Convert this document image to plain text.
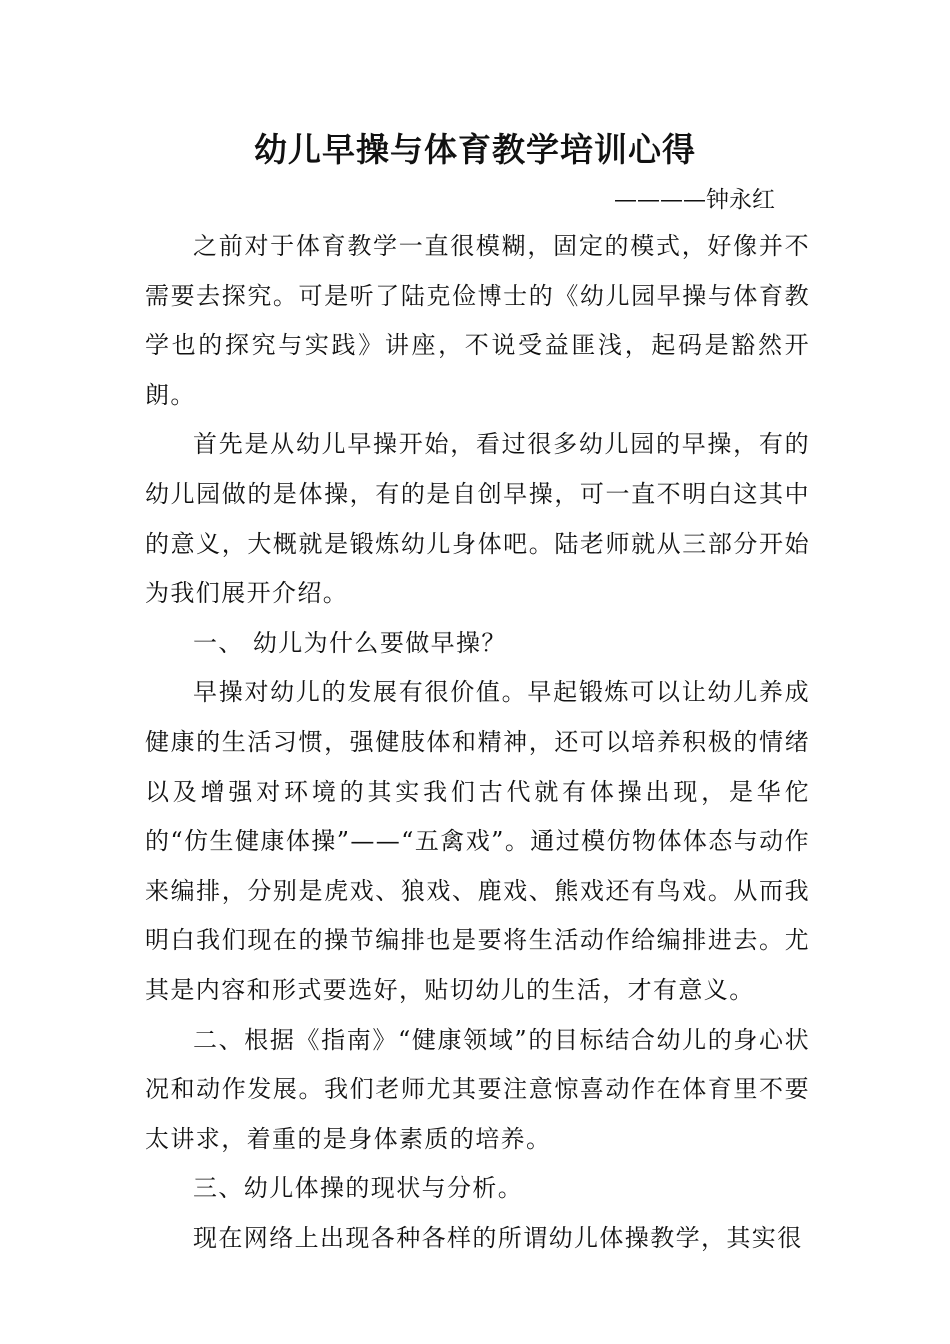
幼儿早操与体育教学培训心得
————钟永红

之前对于体育教学一直很模糊，固定的模式，好像并不需要去探究。可是听了陆克俭博士的《幼儿园早操与体育教学也的探究与实践》讲座，不说受益匪浅，起码是豁然开朗。

首先是从幼儿早操开始，看过很多幼儿园的早操，有的幼儿园做的是体操，有的是自创早操，可一直不明白这其中的意义，大概就是锻炼幼儿身体吧。陆老师就从三部分开始为我们展开介绍。

一、 幼儿为什么要做早操？

早操对幼儿的发展有很价值。早起锻炼可以让幼儿养成健康的生活习惯，强健肢体和精神，还可以培养积极的情绪以及增强对环境的其实我们古代就有体操出现，是华佗的“仿生健康体操”——“五禽戏”。通过模仿物体体态与动作来编排，分别是虎戏、狼戏、鹿戏、熊戏还有鸟戏。从而我明白我们现在的操节编排也是要将生活动作给编排进去。尤其是内容和形式要选好，贴切幼儿的生活，才有意义。

二、根据《指南》“健康领域”的目标结合幼儿的身心状况和动作发展。我们老师尤其要注意惊喜动作在体育里不要太讲求，着重的是身体素质的培养。

三、幼儿体操的现状与分析。

现在网络上出现各种各样的所谓幼儿体操教学，其实很
